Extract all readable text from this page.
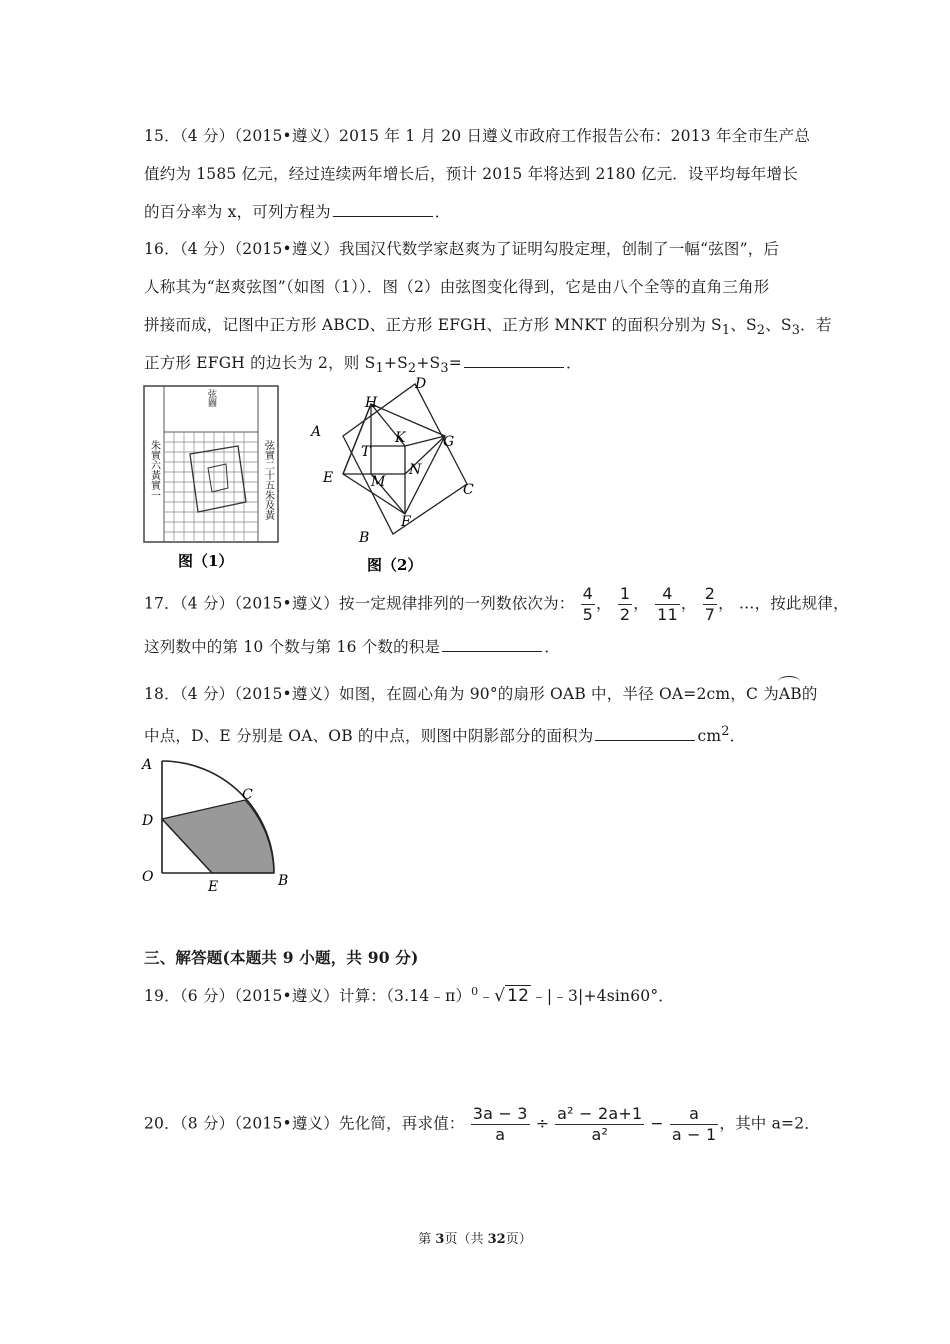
15．（4 分）（2015•遵义）2015 年 1 月 20 日遵义市政府工作报告公布：2013 年全市生产总
值约为 1585 亿元，经过连续两年增长后，预计 2015 年将达到 2180 亿元．设平均每年增长
的百分率为 x，可列方程为	．
16．（4 分）（2015•遵义）我国汉代数学家赵爽为了证明勾股定理，创制了一幅“弦图”，后
人称其为“赵爽弦图”（如图（1））．图（2）由弦图变化得到，它是由八个全等的直角三角形
拼接而成，记图中正方形 ABCD、正方形 EFGH、正方形 MNKT 的面积分别为 $S_1$、$S_2$、$S_3$．若
正方形 EFGH 的边长为 2，则 $S_1+S_2+S_3=$	．
弦圖
朱實六黃實一	弦實二十五朱及黃
图（1）
D
H
A	K	G
T
N
E	M	C
F
B
图（2）
17．（4 分）（2015•遵义）按一定规律排列的一列数依次为： $\frac{4}{5}$ ， $\frac{1}{2}$ ， $\frac{4}{11}$ ， $\frac{2}{7}$ ， …，按此规律，
这列数中的第 10 个数与第 16 个数的积是	．
18．（4 分）（2015•遵义）如图，在圆心角为 90°的扇形 OAB 中，半径 OA=2cm，C 为
AB的
中点，D、E 分别是 OA、OB 的中点，则图中阴影部分的面积为	$cm^2$．
A
C
D
O
E	B
三、解答题(本题共 9 小题，共 90 分)
19．（6 分）（2015•遵义）计算：（3.14﹣π）$^0$﹣√ 12 ﹣|﹣3|+4sin60°．
20．（8 分）（2015•遵义）先化简，再求值： $\frac{3a - 3}{a} \div \frac{\text{a² − 2a+1}}{\text{a²}} - \frac{a}{a - 1}$ ，其中 a=2．
第 3页（共 32页）
